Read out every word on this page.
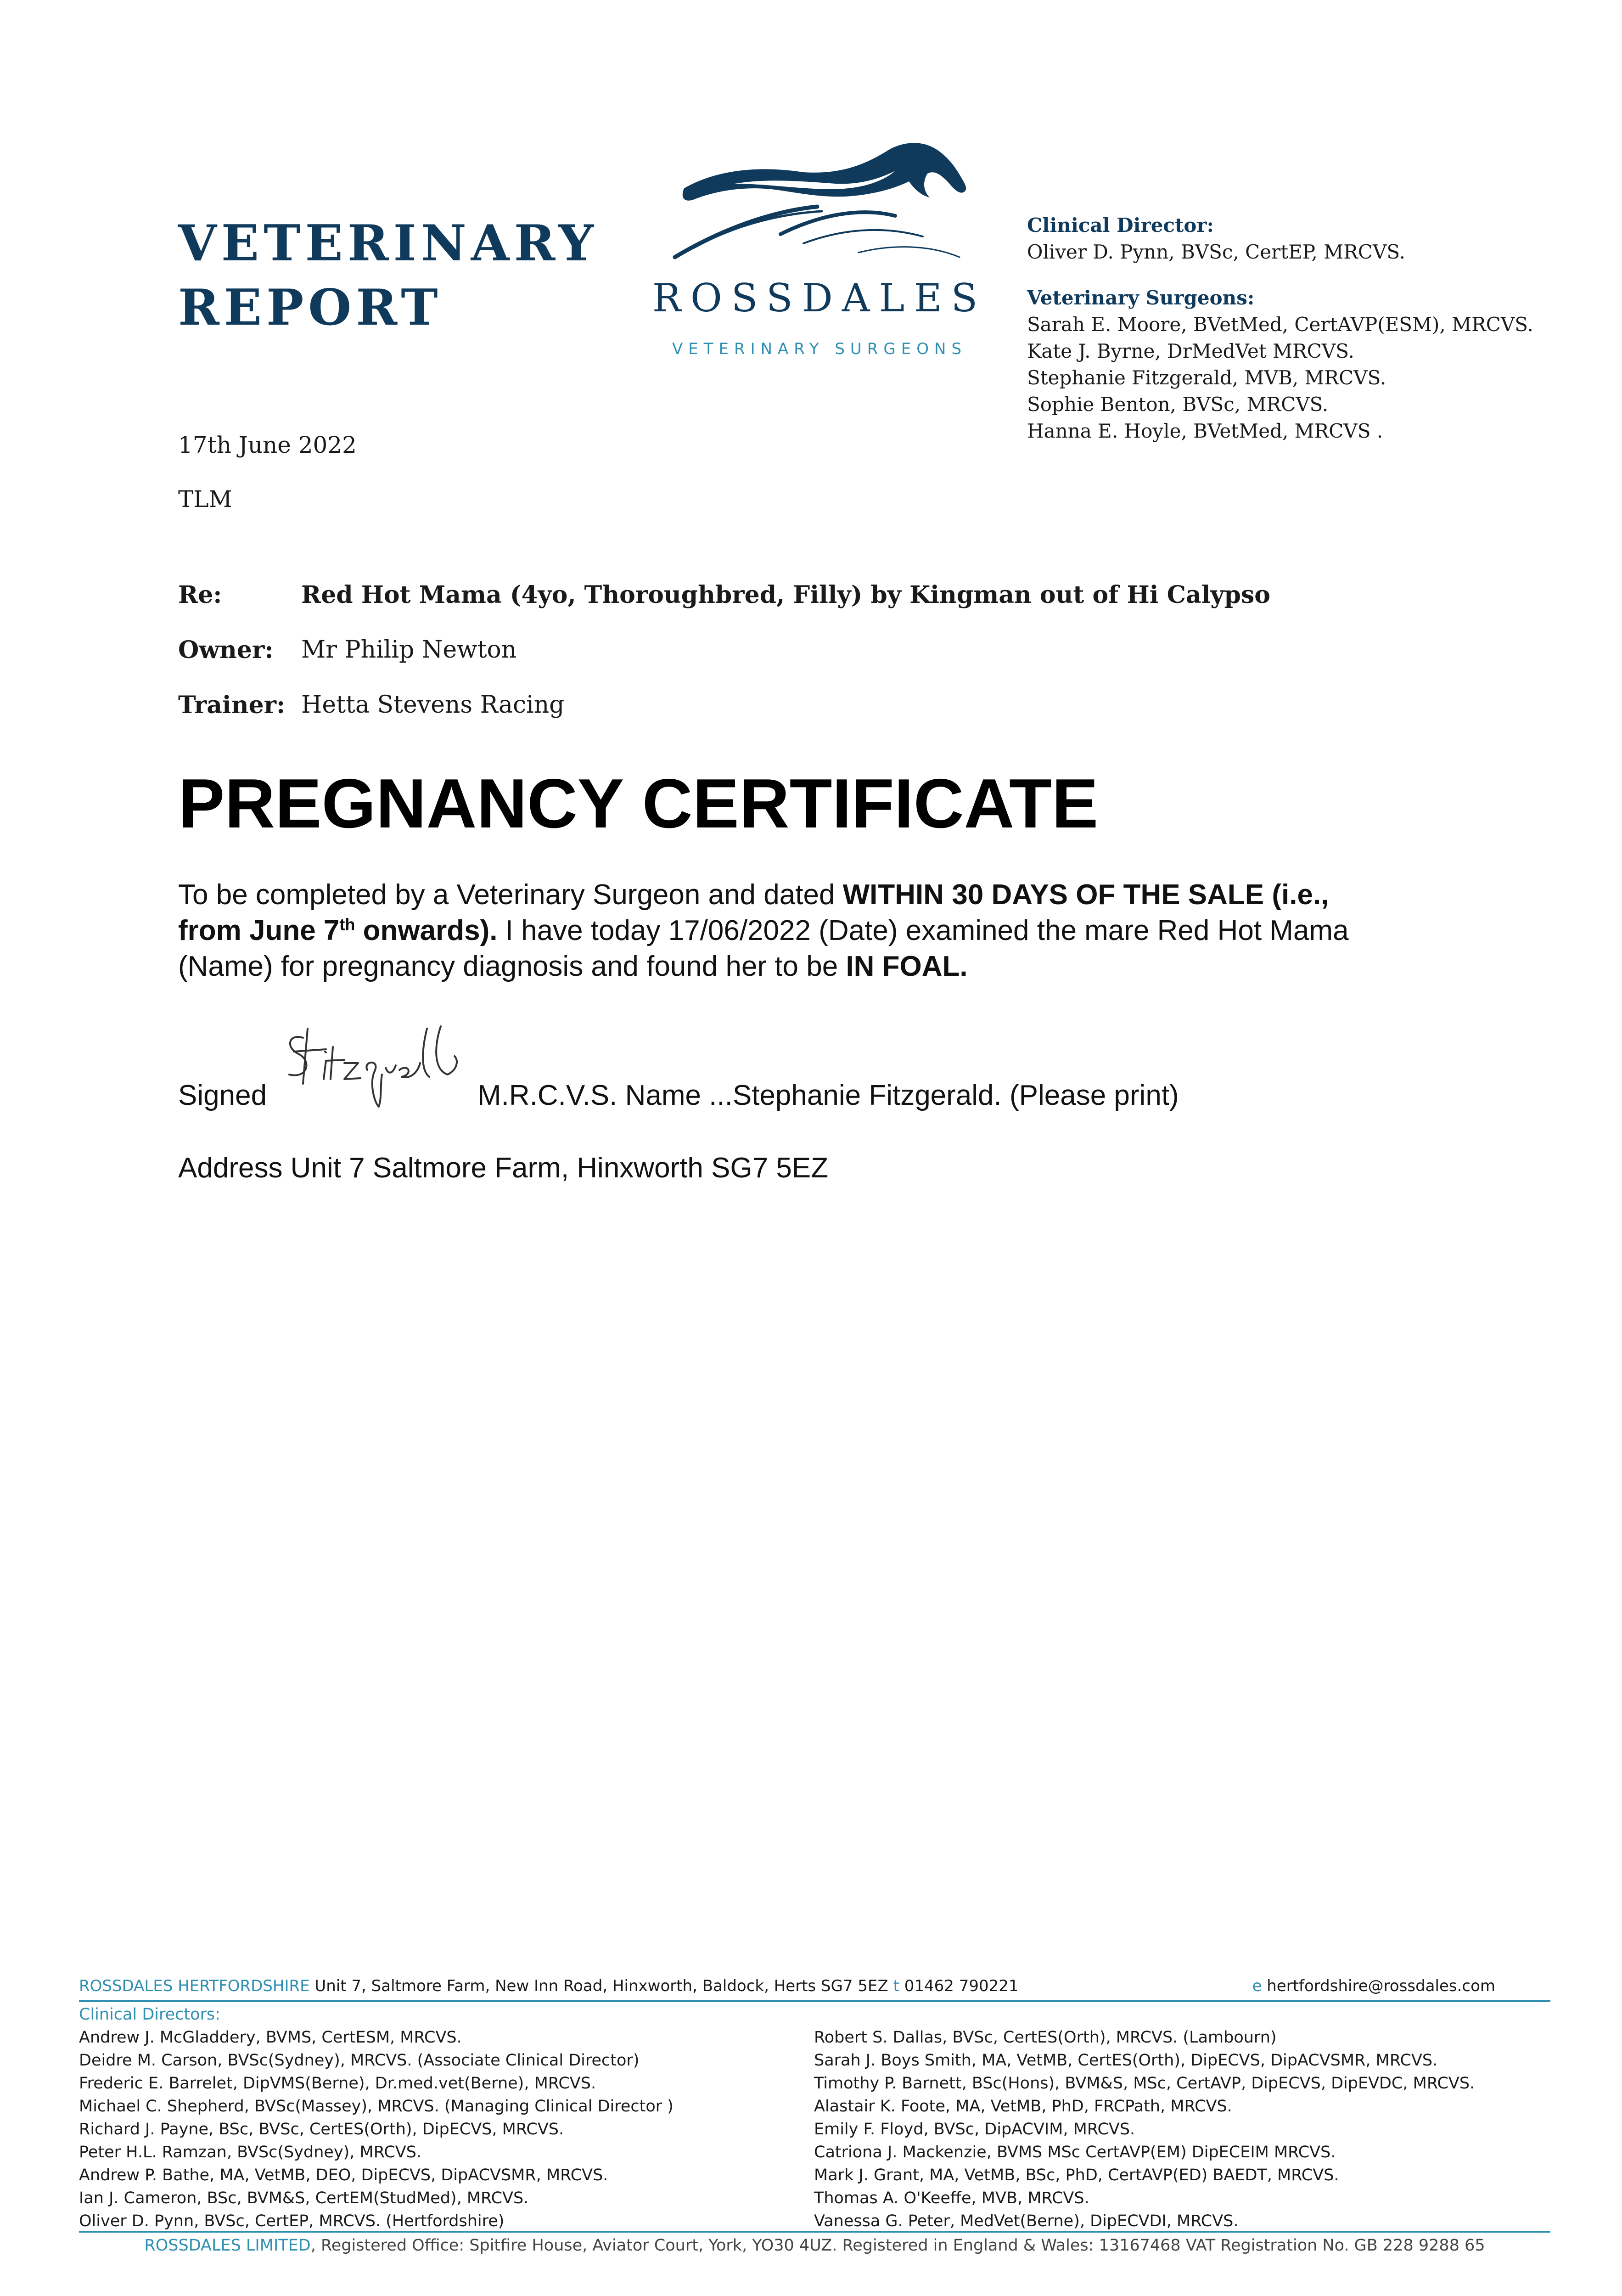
VETERINARY
REPORT	ROSSDALES
VETERINARY SURGEONS
Clinical Director:
Oliver D. Pynn, BVSc, CertEP, MRCVS.
Veterinary Surgeons:
Sarah E. Moore, BVetMed, CertAVP(ESM), MRCVS.
Kate J. Byrne, DrMedVet MRCVS.
Stephanie Fitzgerald, MVB, MRCVS.
Sophie Benton, BVSc, MRCVS.
Hanna E. Hoyle, BVetMed, MRCVS .
17th June 2022
TLM
Re:	Red Hot Mama (4yo, Thoroughbred, Filly) by Kingman out of Hi Calypso
Owner: Mr Philip Newton
Trainer: Hetta Stevens Racing
PREGNANCY CERTIFICATE
To be completed by a Veterinary Surgeon and dated WITHIN 30 DAYS OF THE SALE (i.e.,
from June 7th onwards). I have today 17/06/2022 (Date) examined the mare Red Hot Mama
(Name) for pregnancy diagnosis and found her to be IN FOAL.
Signed	M.R.C.V.S. Name ...Stephanie Fitzgerald. (Please print)
Address Unit 7 Saltmore Farm, Hinxworth SG7 5EZ
ROSSDALES HERTFORDSHIRE Unit 7, Saltmore Farm, New Inn Road, Hinxworth, Baldock, Herts SG7 5EZ t 01462 790221	e hertfordshire@rossdales.com
Clinical Directors:
Andrew J. McGladdery, BVMS, CertESM, MRCVS.
Deidre M. Carson, BVSc(Sydney), MRCVS. (Associate Clinical Director)
Frederic E. Barrelet, DipVMS(Berne), Dr.med.vet(Berne), MRCVS.
Michael C. Shepherd, BVSc(Massey), MRCVS. (Managing Clinical Director )
Richard J. Payne, BSc, BVSc, CertES(Orth), DipECVS, MRCVS.
Peter H.L. Ramzan, BVSc(Sydney), MRCVS.
Andrew P. Bathe, MA, VetMB, DEO, DipECVS, DipACVSMR, MRCVS.
Ian J. Cameron, BSc, BVM&S, CertEM(StudMed), MRCVS.
Oliver D. Pynn, BVSc, CertEP, MRCVS. (Hertfordshire)
Robert S. Dallas, BVSc, CertES(Orth), MRCVS. (Lambourn)
Sarah J. Boys Smith, MA, VetMB, CertES(Orth), DipECVS, DipACVSMR, MRCVS.
Timothy P. Barnett, BSc(Hons), BVM&S, MSc, CertAVP, DipECVS, DipEVDC, MRCVS.
Alastair K. Foote, MA, VetMB, PhD, FRCPath, MRCVS.
Emily F. Floyd, BVSc, DipACVIM, MRCVS.
Catriona J. Mackenzie, BVMS MSc CertAVP(EM) DipECEIM MRCVS.
Mark J. Grant, MA, VetMB, BSc, PhD, CertAVP(ED) BAEDT, MRCVS.
Thomas A. O'Keeffe, MVB, MRCVS.
Vanessa G. Peter, MedVet(Berne), DipECVDI, MRCVS.
ROSSDALES LIMITED, Registered Office: Spitfire House, Aviator Court, York, YO30 4UZ. Registered in England & Wales: 13167468 VAT Registration No. GB 228 9288 65
